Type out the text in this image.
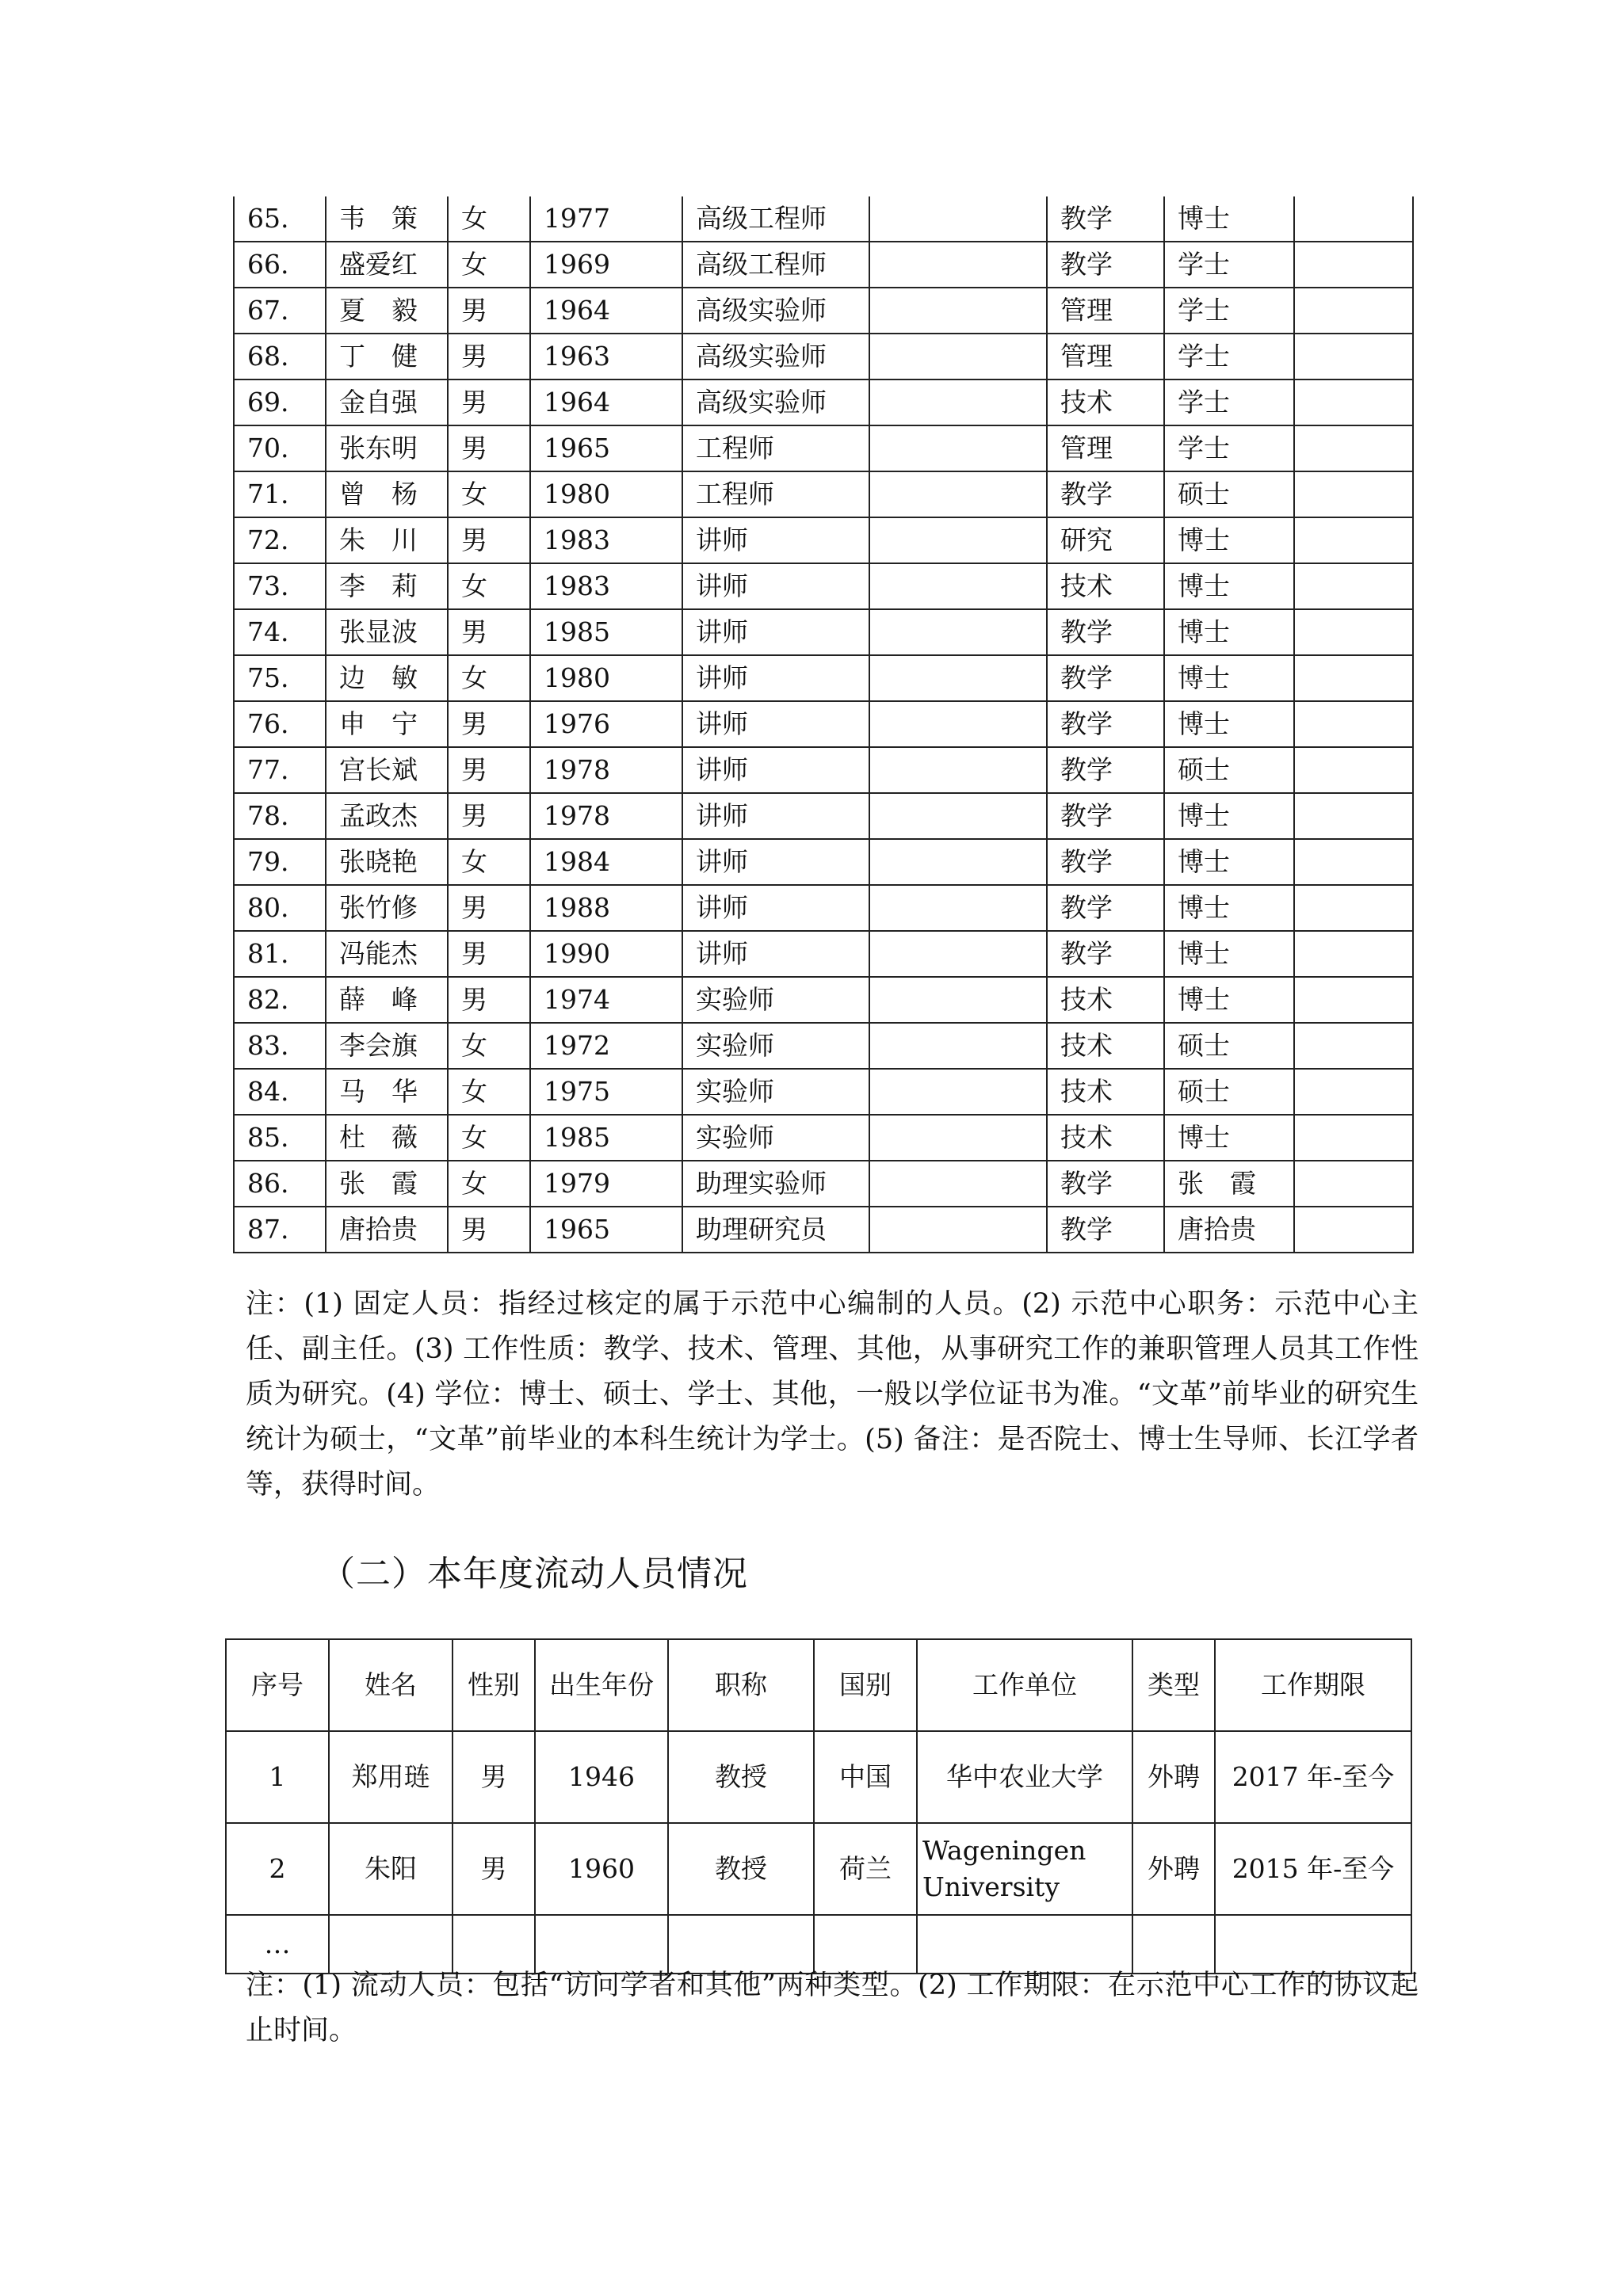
65.	韦　策	女	1977	高级工程师		教学	博士	
66.	盛爱红	女	1969	高级工程师		教学	学士	
67.	夏　毅	男	1964	高级实验师		管理	学士	
68.	丁　健	男	1963	高级实验师		管理	学士	
69.	金自强	男	1964	高级实验师		技术	学士	
70.	张东明	男	1965	工程师		管理	学士	
71.	曾　杨	女	1980	工程师		教学	硕士	
72.	朱　川	男	1983	讲师		研究	博士	
73.	李　莉	女	1983	讲师		技术	博士	
74.	张显波	男	1985	讲师		教学	博士	
75.	边　敏	女	1980	讲师		教学	博士	
76.	申　宁	男	1976	讲师		教学	博士	
77.	宫长斌	男	1978	讲师		教学	硕士	
78.	孟政杰	男	1978	讲师		教学	博士	
79.	张晓艳	女	1984	讲师		教学	博士	
80.	张竹修	男	1988	讲师		教学	博士	
81.	冯能杰	男	1990	讲师		教学	博士	
82.	薛　峰	男	1974	实验师		技术	博士	
83.	李会旗	女	1972	实验师		技术	硕士	
84.	马　华	女	1975	实验师		技术	硕士	
85.	杜　薇	女	1985	实验师		技术	博士	
86.	张　霞	女	1979	助理实验师		教学	张　霞	
87.	唐拾贵	男	1965	助理研究员		教学	唐拾贵	

注：(1) 固定人员：指经过核定的属于示范中心编制的人员。(2) 示范中心职务：示范中心主任、副主任。(3) 工作性质：教学、技术、管理、其他，从事研究工作的兼职管理人员其工作性质为研究。(4) 学位：博士、硕士、学士、其他，一般以学位证书为准。“文革”前毕业的研究生统计为硕士，“文革”前毕业的本科生统计为学士。(5) 备注：是否院士、博士生导师、长江学者等，获得时间。

（二）本年度流动人员情况
序号	姓名	性别	出生年份	职称	国别	工作单位	类型	工作期限
1	郑用琏	男	1946	教授	中国	华中农业大学	外聘	2017 年-至今
2	朱阳	男	1960	教授	荷兰	Wageningen University	外聘	2015 年-至今
…								

注：(1) 流动人员：包括“访问学者和其他”两种类型。(2) 工作期限：在示范中心工作的协议起止时间。
